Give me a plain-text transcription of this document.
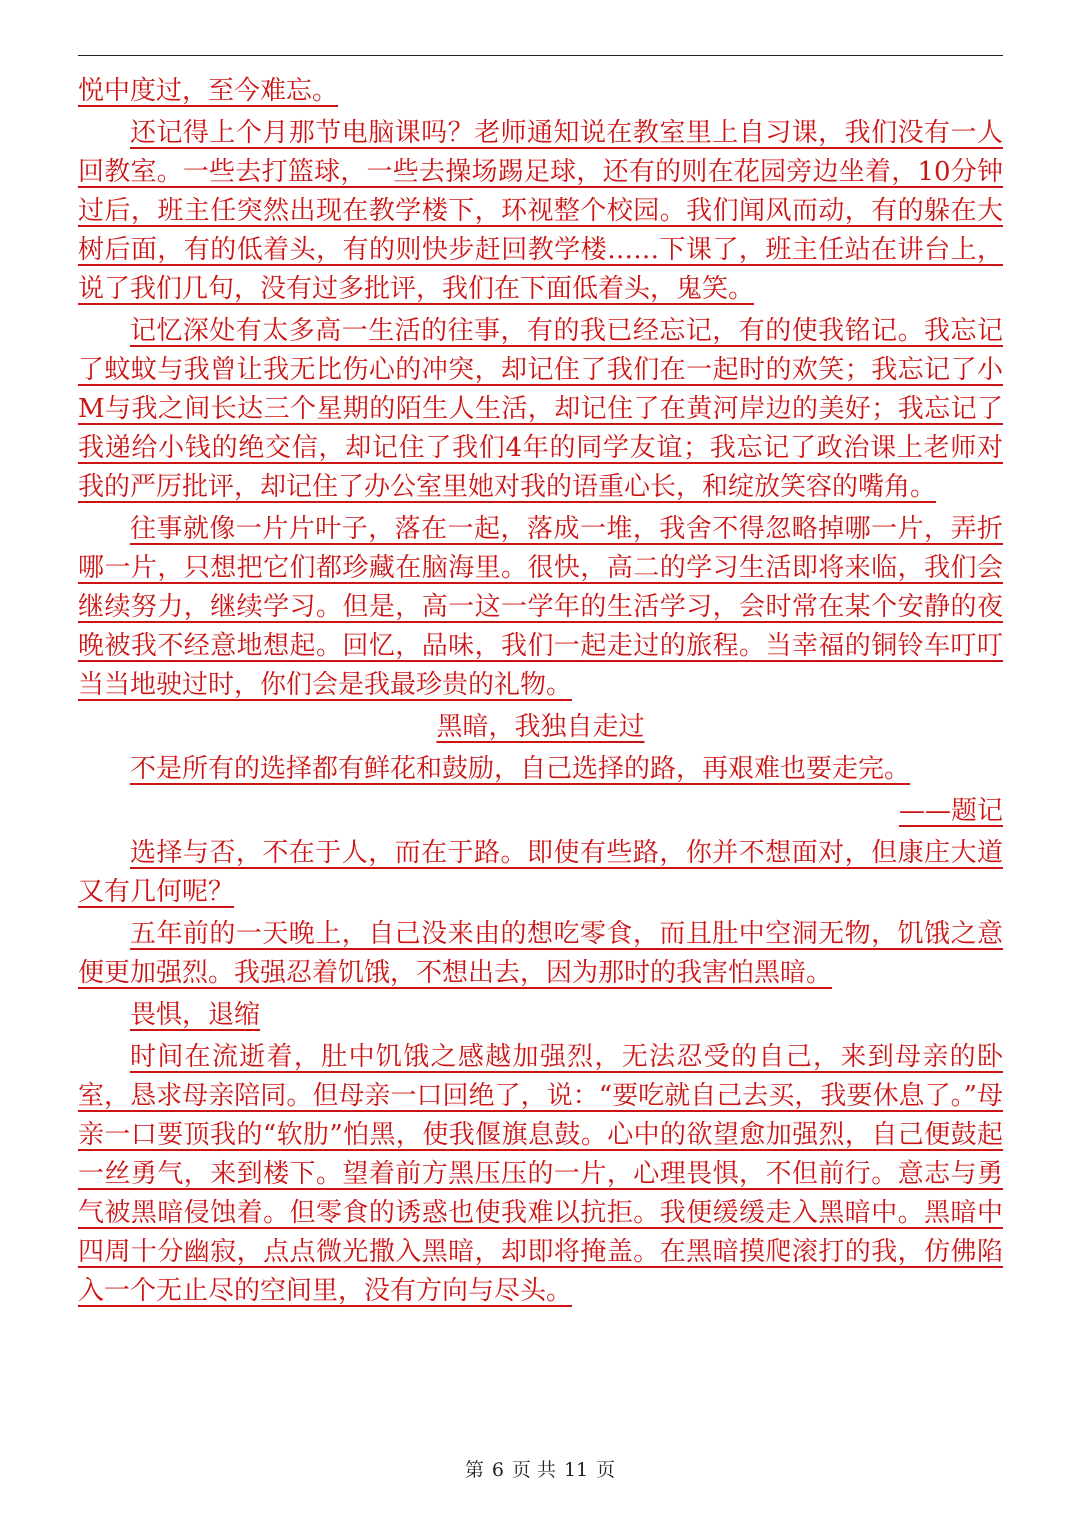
悦中度过，至今难忘。

还记得上个月那节电脑课吗？老师通知说在教室里上自习课，我们没有一人回教室。一些去打篮球，一些去操场踢足球，还有的则在花园旁边坐着，10分钟过后，班主任突然出现在教学楼下，环视整个校园。我们闻风而动，有的躲在大树后面，有的低着头，有的则快步赶回教学楼……下课了，班主任站在讲台上，说了我们几句，没有过多批评，我们在下面低着头，鬼笑。

记忆深处有太多高一生活的往事，有的我已经忘记，有的使我铭记。我忘记了蚊蚊与我曾让我无比伤心的冲突，却记住了我们在一起时的欢笑；我忘记了小M与我之间长达三个星期的陌生人生活，却记住了在黄河岸边的美好；我忘记了我递给小钱的绝交信，却记住了我们4年的同学友谊；我忘记了政治课上老师对我的严厉批评，却记住了办公室里她对我的语重心长，和绽放笑容的嘴角。

往事就像一片片叶子，落在一起，落成一堆，我舍不得忽略掉哪一片，弄折哪一片，只想把它们都珍藏在脑海里。很快，高二的学习生活即将来临，我们会继续努力，继续学习。但是，高一这一学年的生活学习，会时常在某个安静的夜晚被我不经意地想起。回忆，品味，我们一起走过的旅程。当幸福的铜铃车叮叮当当地驶过时，你们会是我最珍贵的礼物。

黑暗，我独自走过

不是所有的选择都有鲜花和鼓励，自己选择的路，再艰难也要走完。

——题记

选择与否，不在于人，而在于路。即使有些路，你并不想面对，但康庄大道又有几何呢？

五年前的一天晚上，自己没来由的想吃零食，而且肚中空洞无物，饥饿之意便更加强烈。我强忍着饥饿，不想出去，因为那时的我害怕黑暗。

畏惧，退缩

时间在流逝着，肚中饥饿之感越加强烈，无法忍受的自己，来到母亲的卧室，恳求母亲陪同。但母亲一口回绝了，说：“要吃就自己去买，我要休息了。”母亲一口要顶我的“软肋”怕黑，使我偃旗息鼓。心中的欲望愈加强烈，自己便鼓起一丝勇气，来到楼下。望着前方黑压压的一片，心理畏惧，不但前行。意志与勇气被黑暗侵蚀着。但零食的诱惑也使我难以抗拒。我便缓缓走入黑暗中。黑暗中四周十分幽寂，点点微光撒入黑暗，却即将掩盖。在黑暗摸爬滚打的我，仿佛陷入一个无止尽的空间里，没有方向与尽头。

第 6 页 共 11 页
